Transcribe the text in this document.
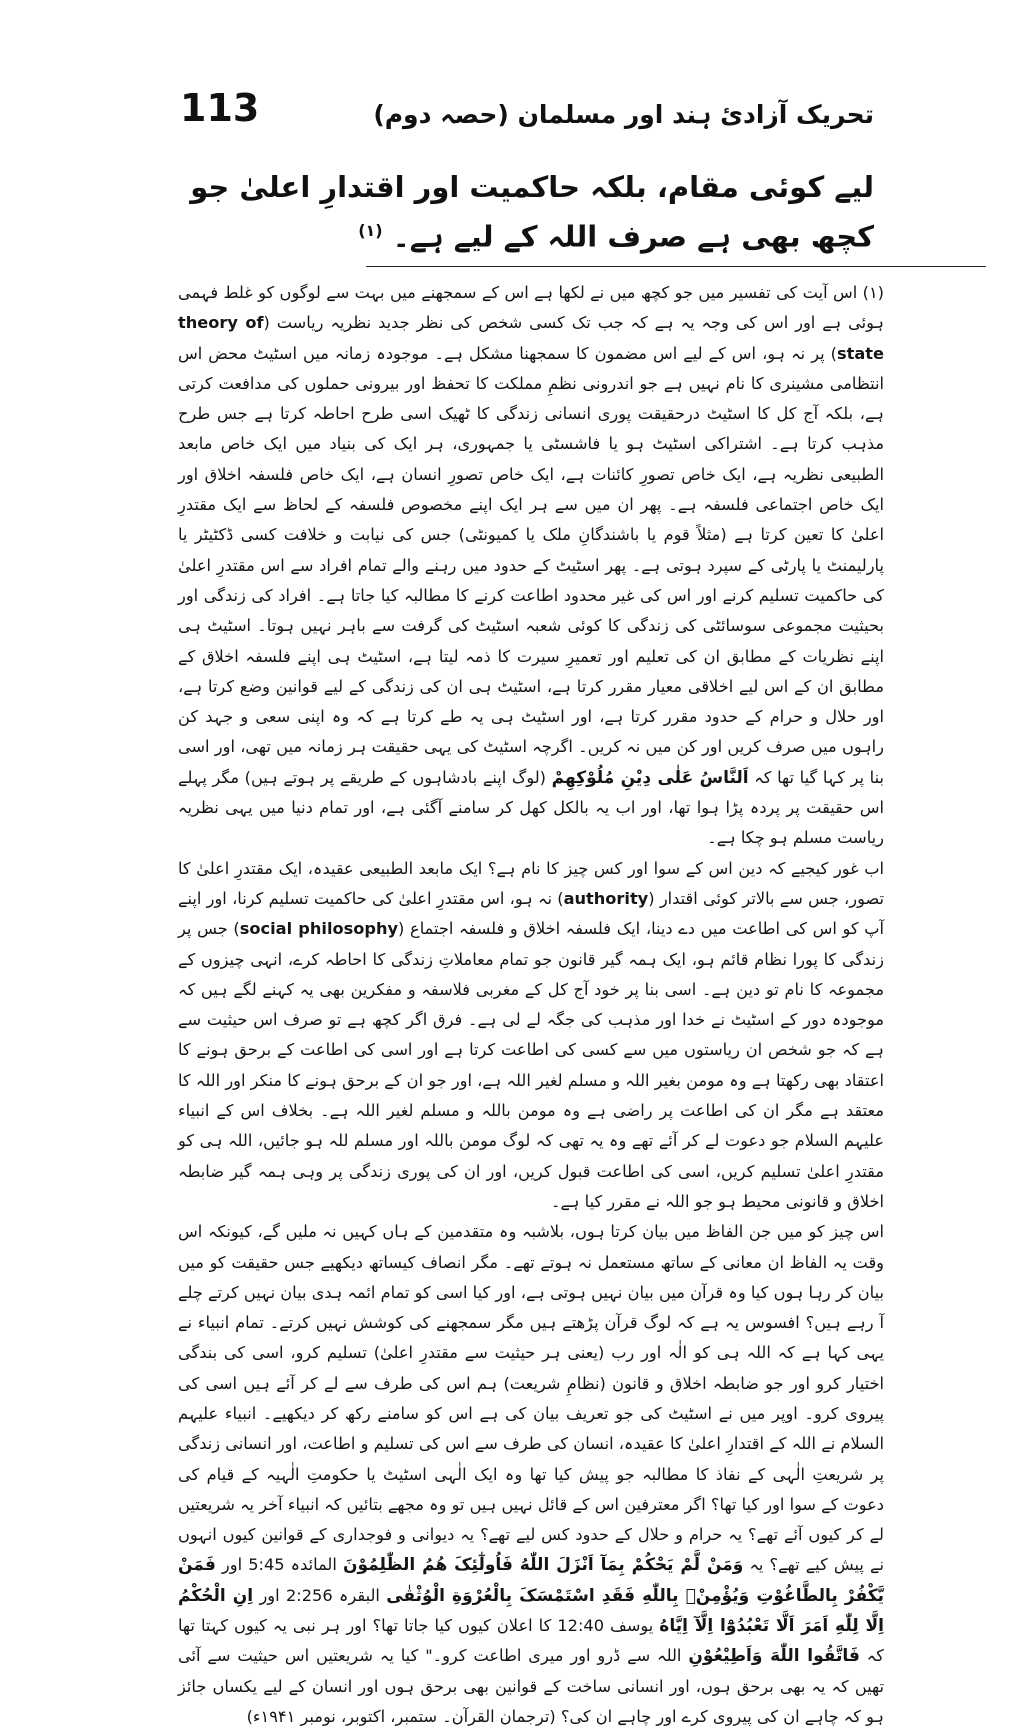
113	تحریک آزادیٔ ہند اور مسلمان (حصہ دوم)
لیے کوئی مقام، بلکہ حاکمیت اور اقتدارِ اعلیٰ جو کچھ بھی ہے صرف اللہ کے لیے ہے۔ $^{(۱)}$

(۱) اس آیت کی تفسیر میں جو کچھ میں نے لکھا ہے اس کے سمجھنے میں بہت سے لوگوں کو غلط فہمی ہوئی ہے اور اس کی وجہ یہ ہے کہ جب تک کسی شخص کی نظر جدید نظریہ ریاست (theory of state) پر نہ ہو، اس کے لیے اس مضمون کا سمجھنا مشکل ہے۔ موجودہ زمانہ میں اسٹیٹ محض اس انتظامی مشینری کا نام نہیں ہے جو اندرونی نظمِ مملکت کا تحفظ اور بیرونی حملوں کی مدافعت کرتی ہے، بلکہ آج کل کا اسٹیٹ درحقیقت پوری انسانی زندگی کا ٹھیک اسی طرح احاطہ کرتا ہے جس طرح مذہب کرتا ہے۔ اشتراکی اسٹیٹ ہو یا فاشسٹی یا جمہوری، ہر ایک کی بنیاد میں ایک خاص مابعد الطبیعی نظریہ ہے، ایک خاص تصورِ کائنات ہے، ایک خاص تصورِ انسان ہے، ایک خاص فلسفہ اخلاق اور ایک خاص اجتماعی فلسفہ ہے۔ پھر ان میں سے ہر ایک اپنے مخصوص فلسفہ کے لحاظ سے ایک مقتدرِ اعلیٰ کا تعین کرتا ہے (مثلاً قوم یا باشندگانِ ملک یا کمیونٹی) جس کی نیابت و خلافت کسی ڈکٹیٹر یا پارلیمنٹ یا پارٹی کے سپرد ہوتی ہے۔ پھر اسٹیٹ کے حدود میں رہنے والے تمام افراد سے اس مقتدرِ اعلیٰ کی حاکمیت تسلیم کرنے اور اس کی غیر محدود اطاعت کرنے کا مطالبہ کیا جاتا ہے۔ افراد کی زندگی اور بحیثیت مجموعی سوسائٹی کی زندگی کا کوئی شعبہ اسٹیٹ کی گرفت سے باہر نہیں ہوتا۔ اسٹیٹ ہی اپنے نظریات کے مطابق ان کی تعلیم اور تعمیرِ سیرت کا ذمہ لیتا ہے، اسٹیٹ ہی اپنے فلسفہ اخلاق کے مطابق ان کے اس لیے اخلاقی معیار مقرر کرتا ہے، اسٹیٹ ہی ان کی زندگی کے لیے قوانین وضع کرتا ہے، اور حلال و حرام کے حدود مقرر کرتا ہے، اور اسٹیٹ ہی یہ طے کرتا ہے کہ وہ اپنی سعی و جہد کن راہوں میں صرف کریں اور کن میں نہ کریں۔ اگرچہ اسٹیٹ کی یہی حقیقت ہر زمانہ میں تھی، اور اسی بنا پر کہا گیا تھا کہ اَلنَّاسُ عَلٰی دِیْنِ مُلُوْکِهِمْ (لوگ اپنے بادشاہوں کے طریقے پر ہوتے ہیں) مگر پہلے اس حقیقت پر پردہ پڑا ہوا تھا، اور اب یہ بالکل کھل کر سامنے آگئی ہے، اور تمام دنیا میں یہی نظریہ ریاست مسلم ہو چکا ہے۔

اب غور کیجیے کہ دین اس کے سوا اور کس چیز کا نام ہے؟ ایک مابعد الطبیعی عقیدہ، ایک مقتدرِ اعلیٰ کا تصور، جس سے بالاتر کوئی اقتدار (authority) نہ ہو، اس مقتدرِ اعلیٰ کی حاکمیت تسلیم کرنا، اور اپنے آپ کو اس کی اطاعت میں دے دینا، ایک فلسفہ اخلاق و فلسفہ اجتماع (social philosophy) جس پر زندگی کا پورا نظام قائم ہو، ایک ہمہ گیر قانون جو تمام معاملاتِ زندگی کا احاطہ کرے، انہی چیزوں کے مجموعہ کا نام تو دین ہے۔ اسی بنا پر خود آج کل کے مغربی فلاسفہ و مفکرین بھی یہ کہنے لگے ہیں کہ موجودہ دور کے اسٹیٹ نے خدا اور مذہب کی جگہ لے لی ہے۔ فرق اگر کچھ ہے تو صرف اس حیثیت سے ہے کہ جو شخص ان ریاستوں میں سے کسی کی اطاعت کرتا ہے اور اسی کی اطاعت کے برحق ہونے کا اعتقاد بھی رکھتا ہے وہ مومن بغیر اللہ و مسلم لغیر اللہ ہے، اور جو ان کے برحق ہونے کا منکر اور اللہ کا معتقد ہے مگر ان کی اطاعت پر راضی ہے وہ مومن باللہ و مسلم لغیر اللہ ہے۔ بخلاف اس کے انبیاء علیہم السلام جو دعوت لے کر آئے تھے وہ یہ تھی کہ لوگ مومن باللہ اور مسلم للہ ہو جائیں، اللہ ہی کو مقتدرِ اعلیٰ تسلیم کریں، اسی کی اطاعت قبول کریں، اور ان کی پوری زندگی پر وہی ہمہ گیر ضابطہ اخلاق و قانونی محیط ہو جو اللہ نے مقرر کیا ہے۔

اس چیز کو میں جن الفاظ میں بیان کرتا ہوں، بلاشبہ وہ متقدمین کے ہاں کہیں نہ ملیں گے، کیونکہ اس وقت یہ الفاظ ان معانی کے ساتھ مستعمل نہ ہوتے تھے۔ مگر انصاف کیساتھ دیکھیے جس حقیقت کو میں بیان کر رہا ہوں کیا وہ قرآن میں بیان نہیں ہوتی ہے، اور کیا اسی کو تمام ائمہ ہدی بیان نہیں کرتے چلے آ رہے ہیں؟ افسوس یہ ہے کہ لوگ قرآن پڑھتے ہیں مگر سمجھنے کی کوشش نہیں کرتے۔ تمام انبیاء نے یہی کہا ہے کہ اللہ ہی کو الٰہ اور رب (یعنی ہر حیثیت سے مقتدرِ اعلیٰ) تسلیم کرو، اسی کی بندگی اختیار کرو اور جو ضابطہ اخلاق و قانون (نظامِ شریعت) ہم اس کی طرف سے لے کر آئے ہیں اسی کی پیروی کرو۔ اوپر میں نے اسٹیٹ کی جو تعریف بیان کی ہے اس کو سامنے رکھ کر دیکھیے۔ انبیاء علیہم السلام نے اللہ کے اقتدارِ اعلیٰ کا عقیدہ، انسان کی طرف سے اس کی تسلیم و اطاعت، اور انسانی زندگی پر شریعتِ الٰہی کے نفاذ کا مطالبہ جو پیش کیا تھا وہ ایک الٰہی اسٹیٹ یا حکومتِ الٰہیہ کے قیام کی دعوت کے سوا اور کیا تھا؟ اگر معترفین اس کے قائل نہیں ہیں تو وہ مجھے بتائیں کہ انبیاء آخر یہ شریعتیں لے کر کیوں آئے تھے؟ یہ حرام و حلال کے حدود کس لیے تھے؟ یہ دیوانی و فوجداری کے قوانین کیوں انہوں نے پیش کیے تھے؟ یہ وَمَنْ لَّمْ یَحْکُمْ بِمَآ اَنْزَلَ اللّٰهُ فَاُولٰٓئِکَ هُمُ الظّٰلِمُوْنَ المائدہ 5:45 اور فَمَنْ یَّکْفُرْ بِالطَّاغُوْتِ وَیُؤْمِنْۢ بِاللّٰهِ فَقَدِ اسْتَمْسَکَ بِالْعُرْوَةِ الْوُثْقٰی البقرہ 2:256 اور اِنِ الْحُکْمُ اِلَّا لِلّٰهِ اَمَرَ اَلَّا تَعْبُدُوْٓا اِلَّآ اِیَّاهُ یوسف 12:40 کا اعلان کیوں کیا جاتا تھا؟ اور ہر نبی یہ کیوں کہتا تھا کہ فَاتَّقُوا اللّٰهَ وَاَطِیْعُوْنِ اللہ سے ڈرو اور میری اطاعت کرو۔" کیا یہ شریعتیں اس حیثیت سے آئی تھیں کہ یہ بھی برحق ہوں، اور انسانی ساخت کے قوانین بھی برحق ہوں اور انسان کے لیے یکساں جائز ہو کہ چاہے ان کی پیروی کرے اور چاہے ان کی؟ (ترجمان القرآن۔ ستمبر، اکتوبر، نومبر ۱۹۴۱ء)
